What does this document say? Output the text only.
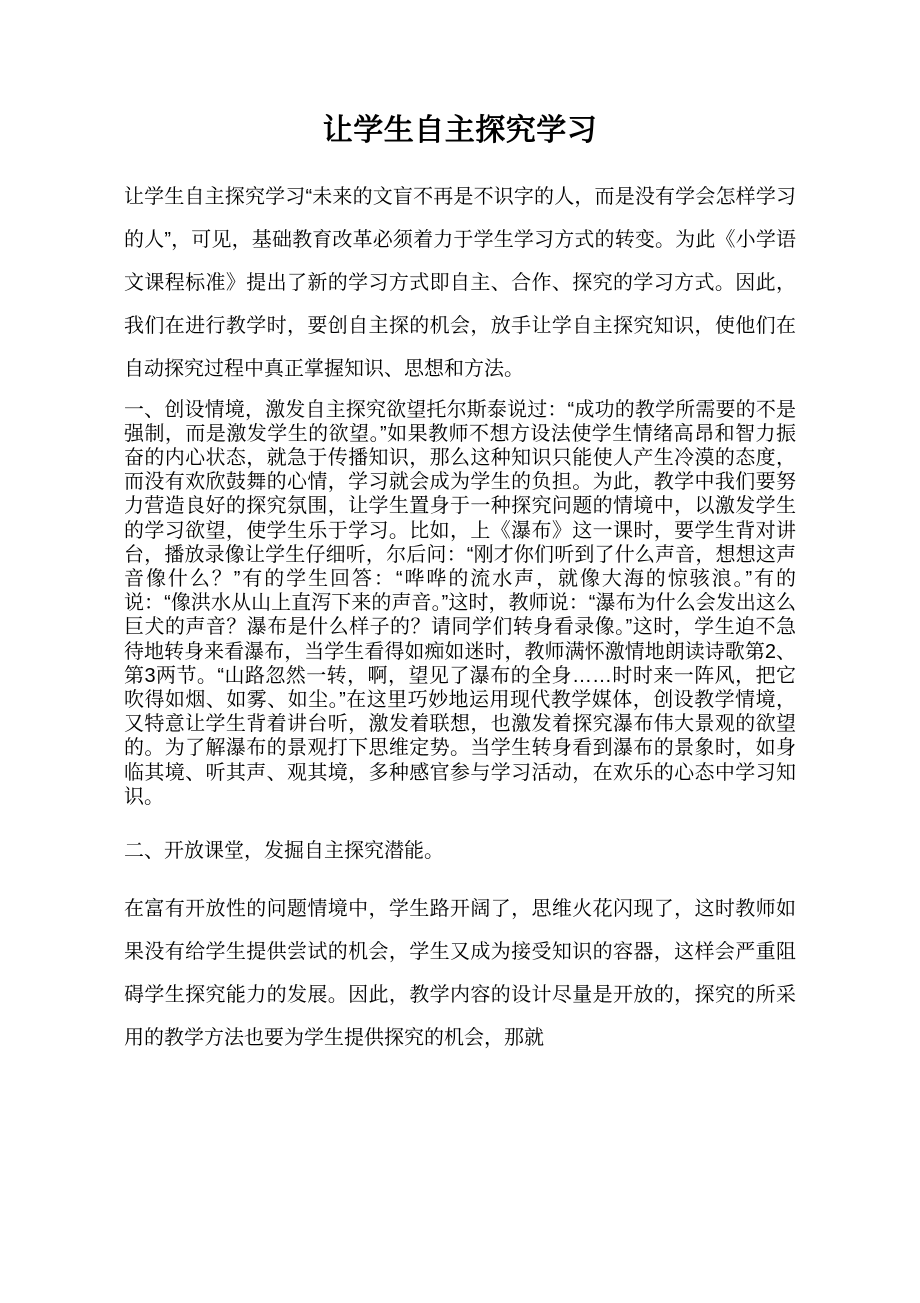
让学生自主探究学习

让学生自主探究学习“未来的文盲不再是不识字的人，而是没有学会怎样学习的人”，可见，基础教育改革必须着力于学生学习方式的转变。为此《小学语文课程标准》提出了新的学习方式即自主、合作、探究的学习方式。因此，我们在进行教学时，要创自主探的机会，放手让学自主探究知识，使他们在自动探究过程中真正掌握知识、思想和方法。

一、创设情境，激发自主探究欲望托尔斯泰说过：“成功的教学所需要的不是强制，而是激发学生的欲望。”如果教师不想方设法使学生情绪高昂和智力振奋的内心状态，就急于传播知识，那么这种知识只能使人产生冷漠的态度，而没有欢欣鼓舞的心情，学习就会成为学生的负担。为此，教学中我们要努力营造良好的探究氛围，让学生置身于一种探究问题的情境中，以激发学生的学习欲望，使学生乐于学习。比如，上《瀑布》这一课时，要学生背对讲台，播放录像让学生仔细听，尔后问：“刚才你们听到了什么声音，想想这声音像什么？”有的学生回答：“哗哗的流水声，就像大海的惊骇浪。”有的说：“像洪水从山上直泻下来的声音。”这时，教师说：“瀑布为什么会发出这么巨犬的声音？瀑布是什么样子的？请同学们转身看录像。”这时，学生迫不急待地转身来看瀑布，当学生看得如痴如迷时，教师满怀激情地朗读诗歌第2、第3两节。“山路忽然一转，啊，望见了瀑布的全身……时时来一阵风，把它吹得如烟、如雾、如尘。”在这里巧妙地运用现代教学媒体，创设教学情境，又特意让学生背着讲台听，激发着联想，也激发着探究瀑布伟大景观的欲望的。为了解瀑布的景观打下思维定势。当学生转身看到瀑布的景象时，如身临其境、听其声、观其境，多种感官参与学习活动，在欢乐的心态中学习知识。

二、开放课堂，发掘自主探究潜能。

在富有开放性的问题情境中，学生路开阔了，思维火花闪现了，这时教师如果没有给学生提供尝试的机会，学生又成为接受知识的容器，这样会严重阻碍学生探究能力的发展。因此，教学内容的设计尽量是开放的，探究的所采用的教学方法也要为学生提供探究的机会，那就
